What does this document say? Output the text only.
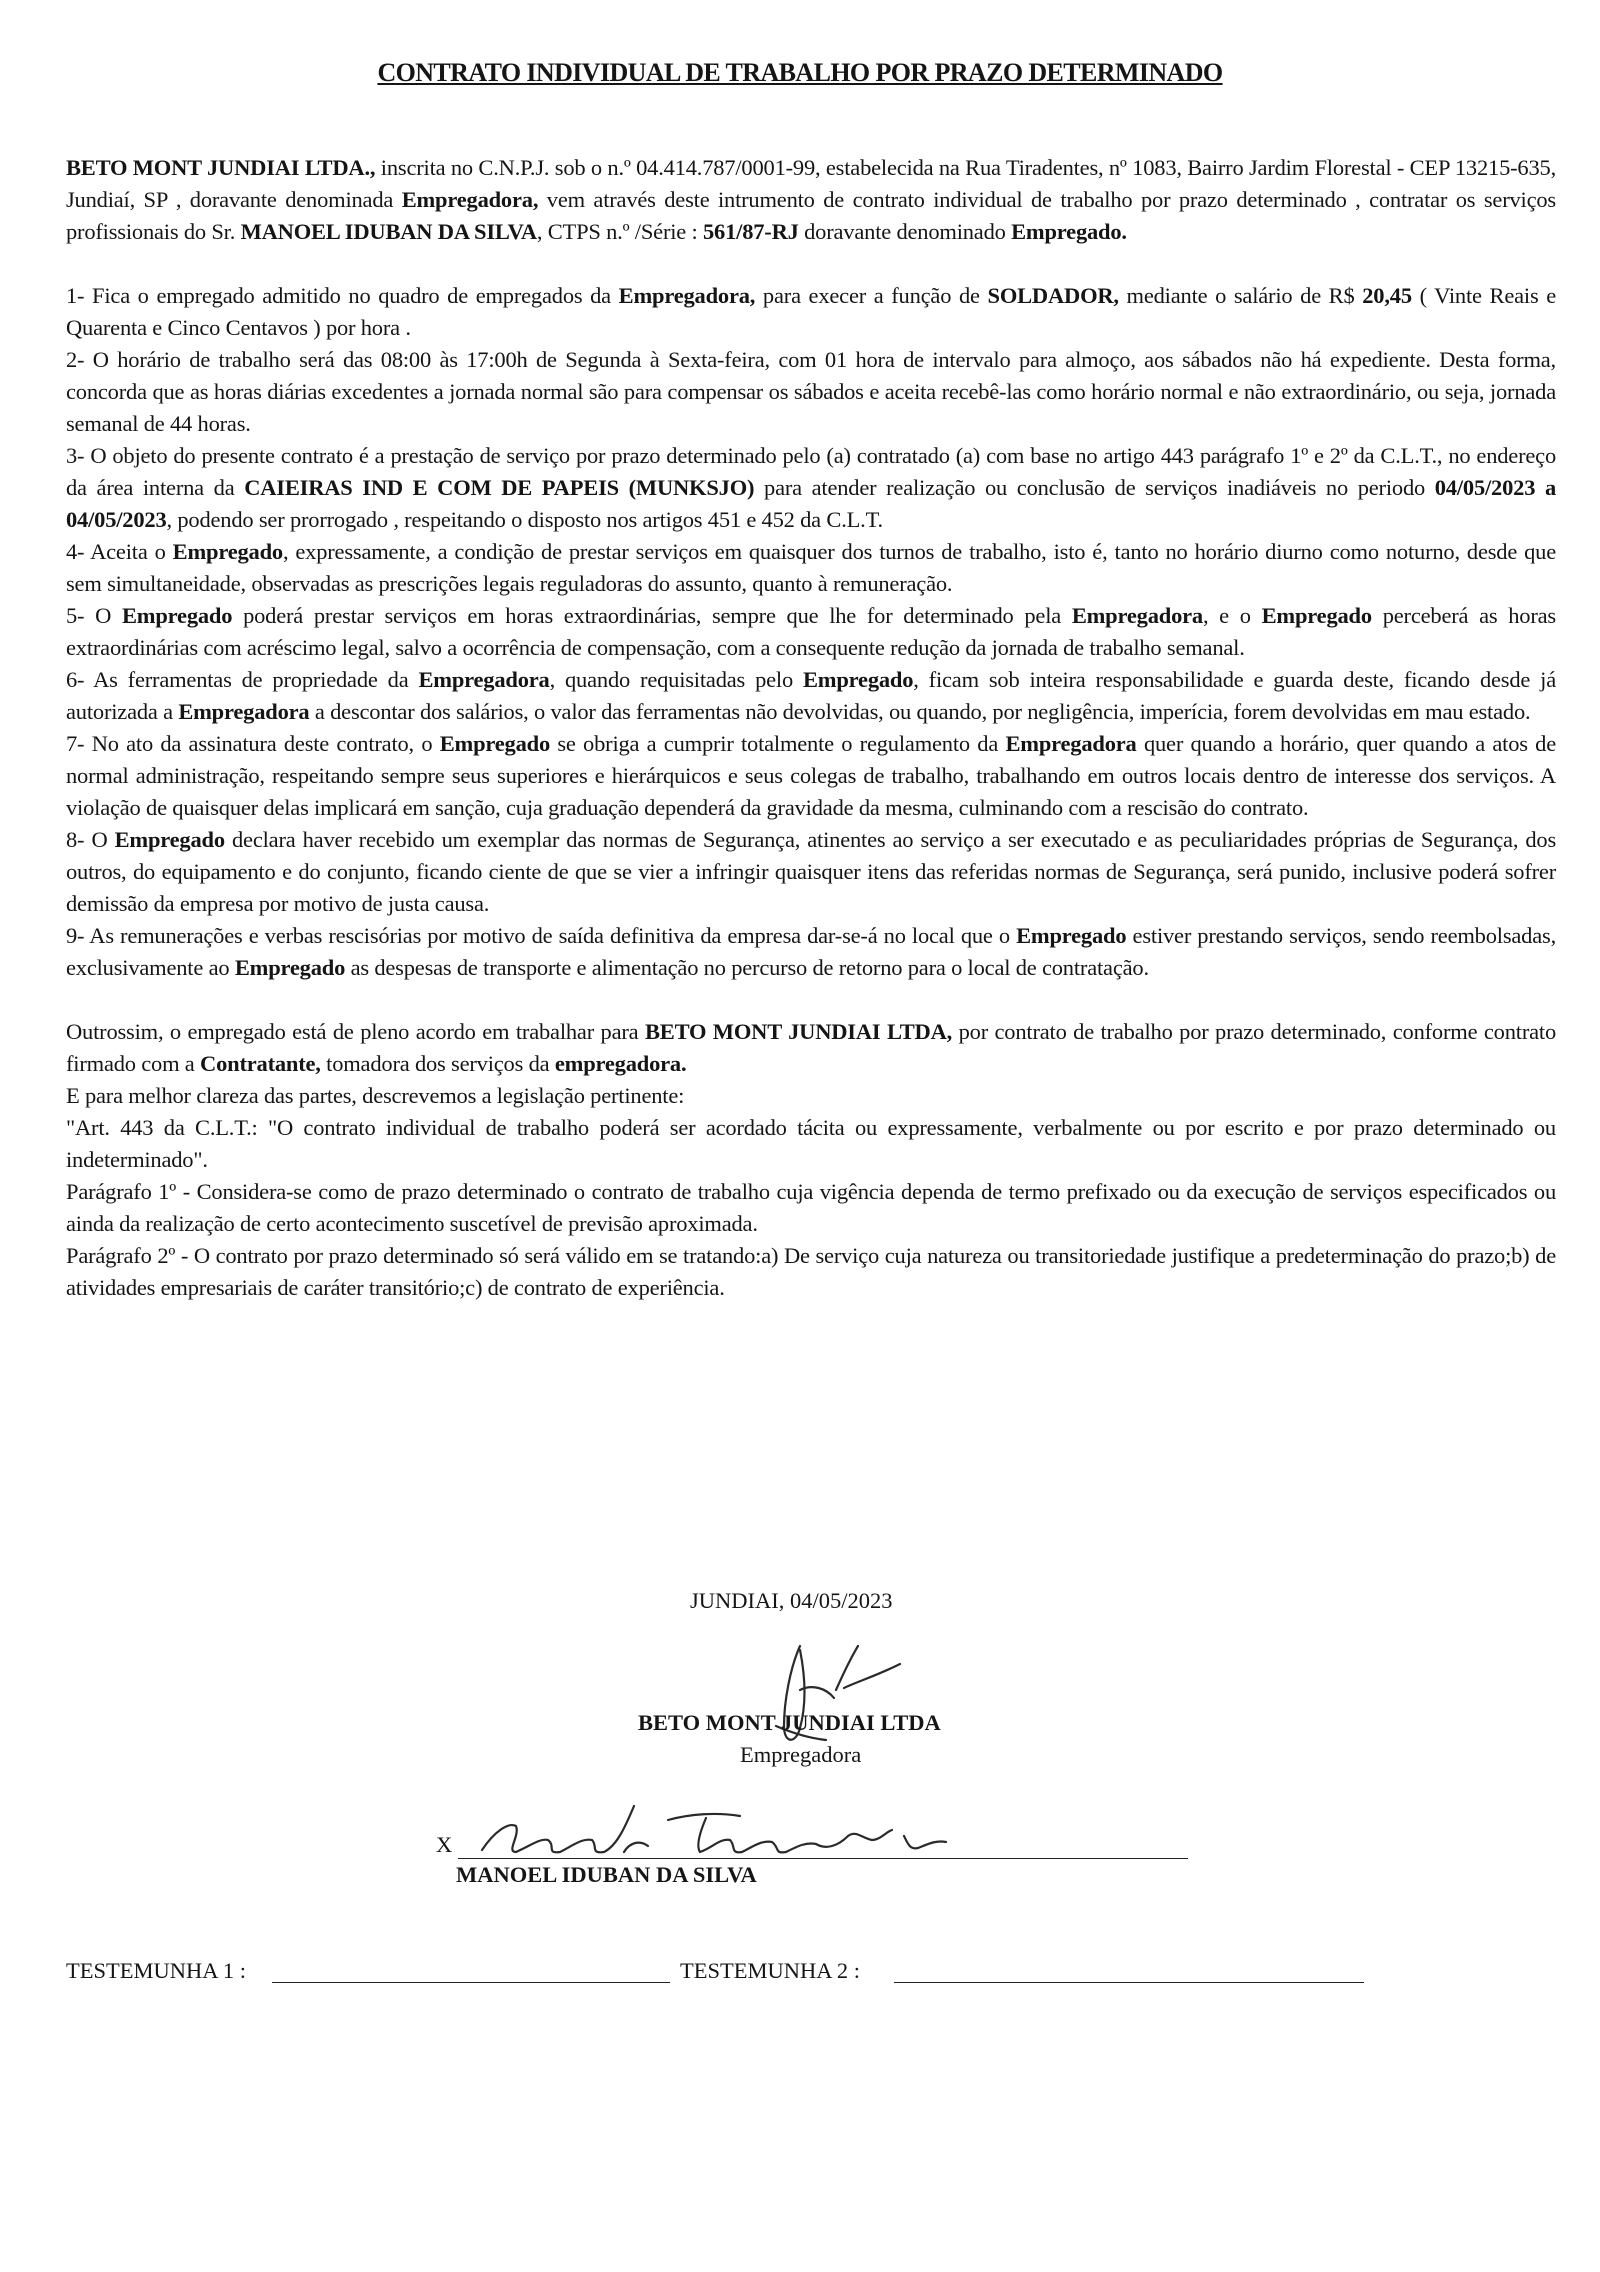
CONTRATO INDIVIDUAL DE TRABALHO POR PRAZO DETERMINADO

BETO MONT JUNDIAI LTDA., inscrita no C.N.P.J. sob o n.º 04.414.787/0001-99, estabelecida na Rua Tiradentes, nº 1083, Bairro Jardim Florestal - CEP 13215-635, Jundiaí, SP , doravante denominada Empregadora, vem através deste intrumento de contrato individual de trabalho por prazo determinado , contratar os serviços profissionais do Sr. MANOEL IDUBAN DA SILVA, CTPS n.º /Série : 561/87-RJ doravante denominado Empregado.

1- Fica o empregado admitido no quadro de empregados da Empregadora, para execer a função de SOLDADOR, mediante o salário de R$ 20,45 ( Vinte Reais e Quarenta e Cinco Centavos ) por hora .

2- O horário de trabalho será das 08:00 às 17:00h de Segunda à Sexta-feira, com 01 hora de intervalo para almoço, aos sábados não há expediente. Desta forma, concorda que as horas diárias excedentes a jornada normal são para compensar os sábados e aceita recebê-las como horário normal e não extraordinário, ou seja, jornada semanal de 44 horas.

3- O objeto do presente contrato é a prestação de serviço por prazo determinado pelo (a) contratado (a) com base no artigo 443 parágrafo 1º e 2º da C.L.T., no endereço da área interna da CAIEIRAS IND E COM DE PAPEIS (MUNKSJO) para atender realização ou conclusão de serviços inadiáveis no periodo 04/05/2023 a 04/05/2023, podendo ser prorrogado , respeitando o disposto nos artigos 451 e 452 da C.L.T.

4- Aceita o Empregado, expressamente, a condição de prestar serviços em quaisquer dos turnos de trabalho, isto é, tanto no horário diurno como noturno, desde que sem simultaneidade, observadas as prescrições legais reguladoras do assunto, quanto à remuneração.

5- O Empregado poderá prestar serviços em horas extraordinárias, sempre que lhe for determinado pela Empregadora, e o Empregado perceberá as horas extraordinárias com acréscimo legal, salvo a ocorrência de compensação, com a consequente redução da jornada de trabalho semanal.

6- As ferramentas de propriedade da Empregadora, quando requisitadas pelo Empregado, ficam sob inteira responsabilidade e guarda deste, ficando desde já autorizada a Empregadora a descontar dos salários, o valor das ferramentas não devolvidas, ou quando, por negligência, imperícia, forem devolvidas em mau estado.

7- No ato da assinatura deste contrato, o Empregado se obriga a cumprir totalmente o regulamento da Empregadora quer quando a horário, quer quando a atos de normal administração, respeitando sempre seus superiores e hierárquicos e seus colegas de trabalho, trabalhando em outros locais dentro de interesse dos serviços. A violação de quaisquer delas implicará em sanção, cuja graduação dependerá da gravidade da mesma, culminando com a rescisão do contrato.

8- O Empregado declara haver recebido um exemplar das normas de Segurança, atinentes ao serviço a ser executado e as peculiaridades próprias de Segurança, dos outros, do equipamento e do conjunto, ficando ciente de que se vier a infringir quaisquer itens das referidas normas de Segurança, será punido, inclusive poderá sofrer demissão da empresa por motivo de justa causa.

9- As remunerações e verbas rescisórias por motivo de saída definitiva da empresa dar-se-á no local que o Empregado estiver prestando serviços, sendo reembolsadas, exclusivamente ao Empregado as despesas de transporte e alimentação no percurso de retorno para o local de contratação.

Outrossim, o empregado está de pleno acordo em trabalhar para BETO MONT JUNDIAI LTDA, por contrato de trabalho por prazo determinado, conforme contrato firmado com a Contratante, tomadora dos serviços da empregadora.

E para melhor clareza das partes, descrevemos a legislação pertinente:

"Art. 443 da C.L.T.: "O contrato individual de trabalho poderá ser acordado tácita ou expressamente, verbalmente ou por escrito e por prazo determinado ou indeterminado".

Parágrafo 1º - Considera-se como de prazo determinado o contrato de trabalho cuja vigência dependa de termo prefixado ou da execução de serviços especificados ou ainda da realização de certo acontecimento suscetível de previsão aproximada.

Parágrafo 2º - O contrato por prazo determinado só será válido em se tratando:a) De serviço cuja natureza ou transitoriedade justifique a predeterminação do prazo;b) de atividades empresariais de caráter transitório;c) de contrato de experiência.

JUNDIAI, 04/05/2023
BETO MONT JUNDIAI LTDA
Empregadora
X
MANOEL IDUBAN DA SILVA
TESTEMUNHA 1 :	TESTEMUNHA 2 :
